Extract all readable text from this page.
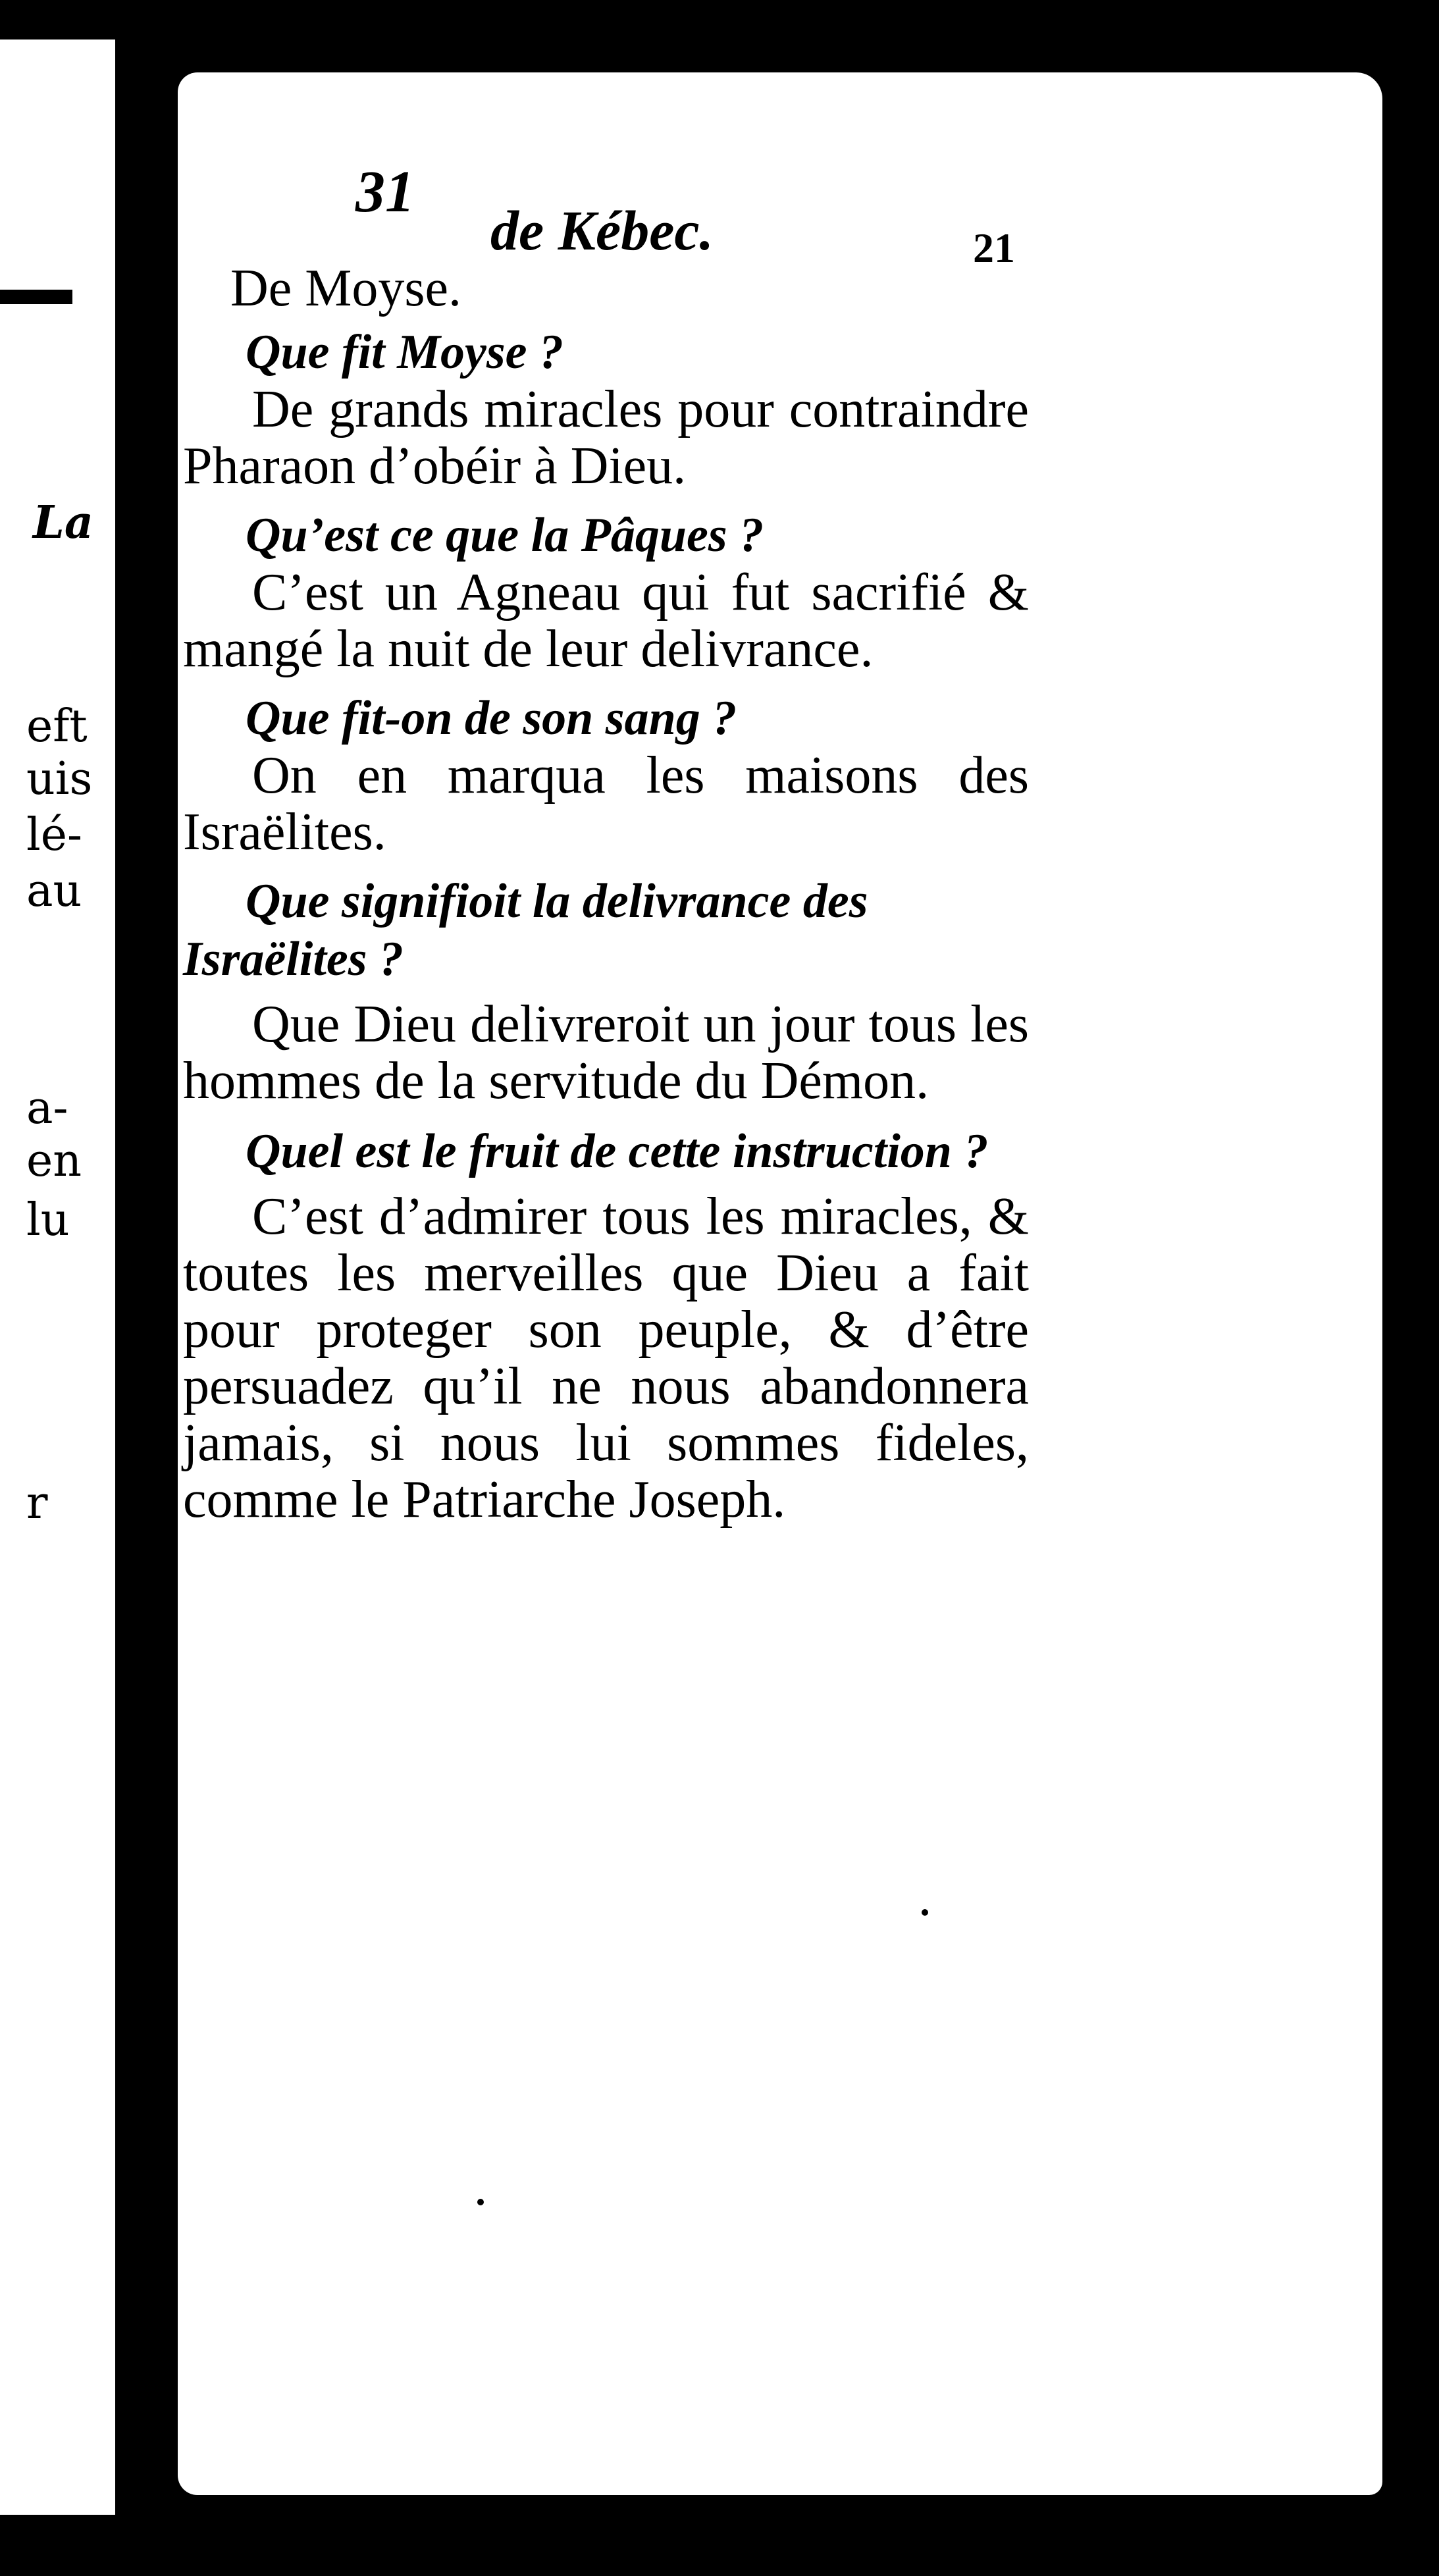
La
eft
uis
lé-
au
a-
en
lu
r
31
de Kébec.	21

De Moyse.

Que fit Moyse ?

De grands miracles pour contraindre Pharaon d’obéir à Dieu.

Qu’est ce que la Pâques ?

C’est un Agneau qui fut sacrifié & mangé la nuit de leur delivrance.

Que fit-on de son sang ?

On en marqua les maisons des Israëlites.

Que signifioit la delivrance des Israëlites ?

Que Dieu delivreroit un jour tous les hommes de la servitude du Démon.

Quel est le fruit de cette instruction ?

C’est d’admirer tous les miracles, & toutes les merveilles que Dieu a fait pour proteger son peuple, & d’être persuadez qu’il ne nous abandonnera jamais, si nous lui sommes fideles, comme le Patriarche Joseph.
